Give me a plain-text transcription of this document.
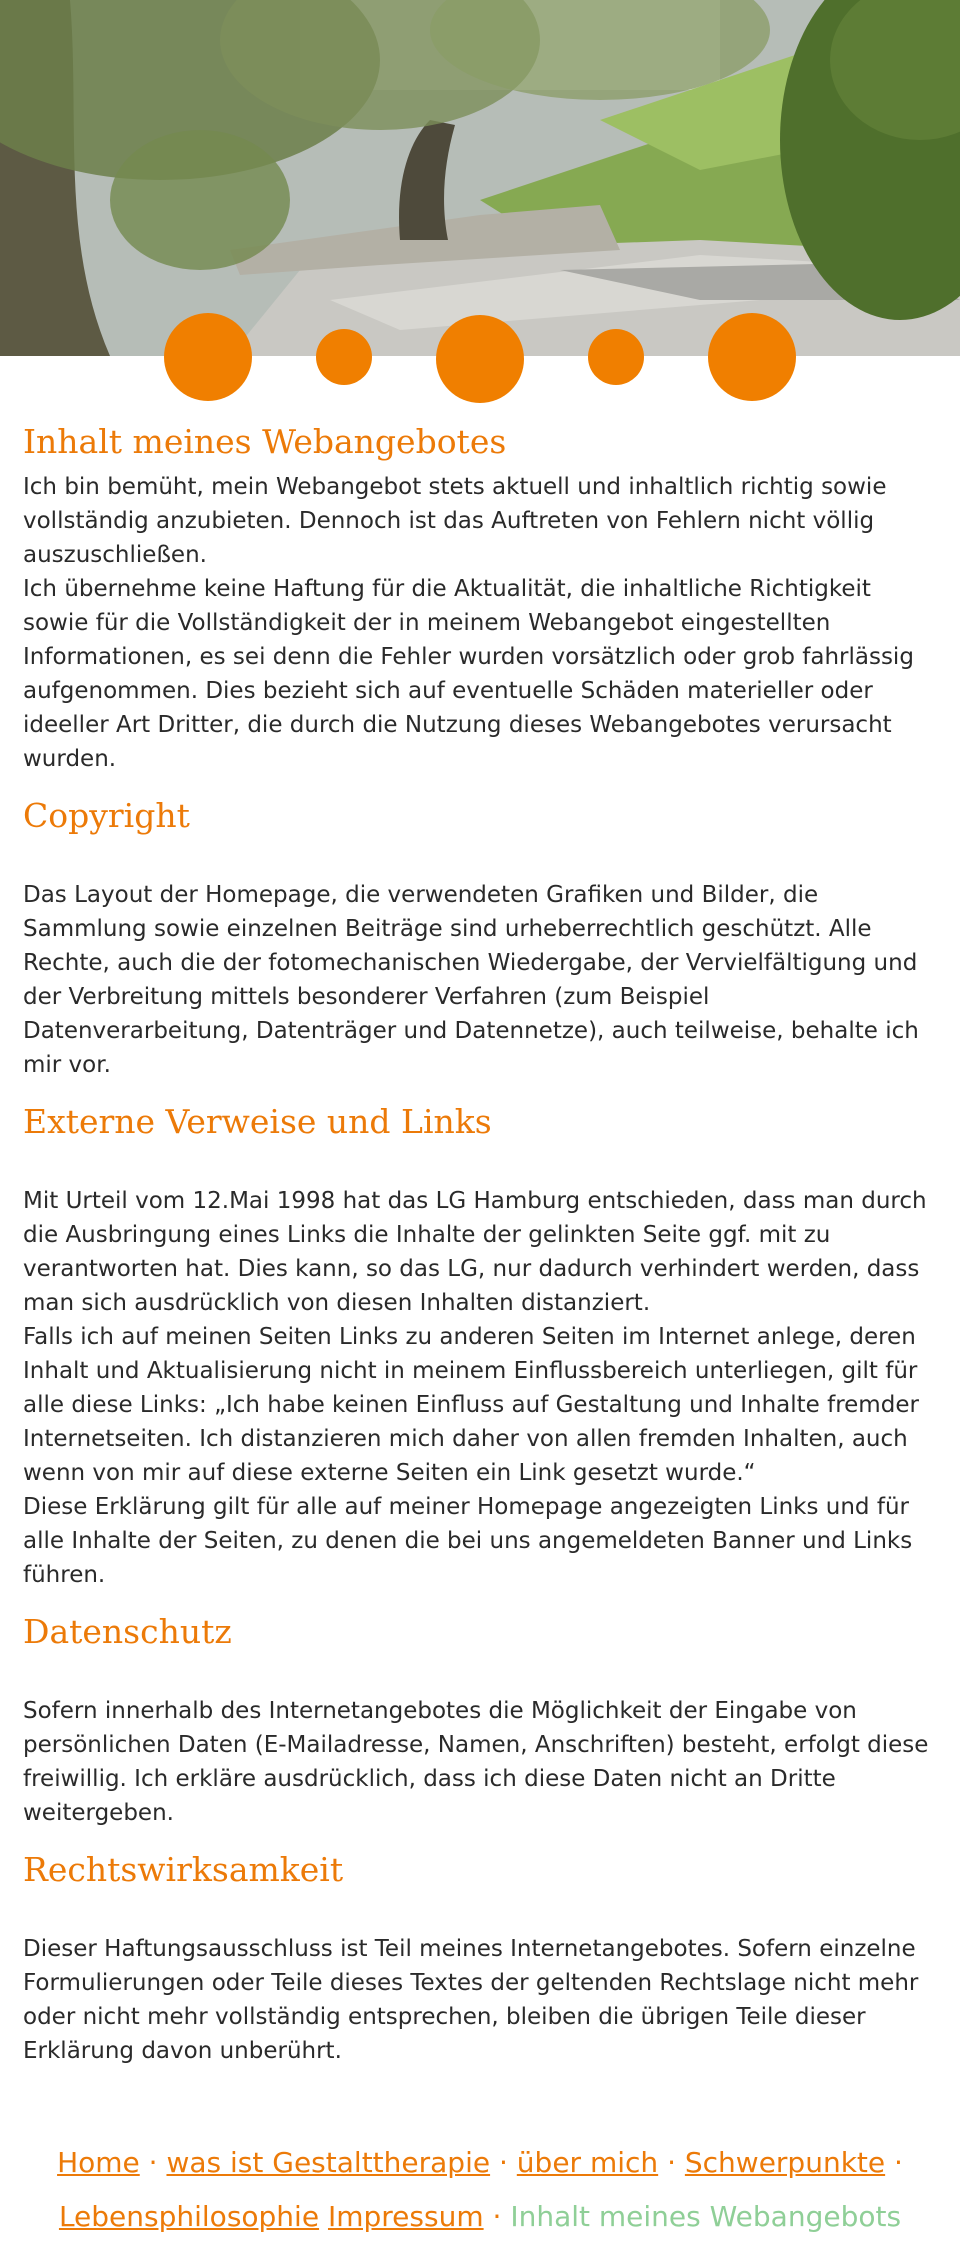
Inhalt meines Webangebotes

Ich bin bemüht, mein Webangebot stets aktuell und inhaltlich richtig sowie vollständig anzubieten. Dennoch ist das Auftreten von Fehlern nicht völlig auszuschließen.

Ich übernehme keine Haftung für die Aktualität, die inhaltliche Richtigkeit sowie für die Vollständigkeit der in meinem Webangebot eingestellten Informationen, es sei denn die Fehler wurden vorsätzlich oder grob fahrlässig aufgenommen. Dies bezieht sich auf eventuelle Schäden materieller oder ideeller Art Dritter, die durch die Nutzung dieses Webangebotes verursacht wurden.

Copyright

Das Layout der Homepage, die verwendeten Grafiken und Bilder, die Sammlung sowie einzelnen Beiträge sind urheberrechtlich geschützt. Alle Rechte, auch die der fotomechanischen Wiedergabe, der Vervielfältigung und der Verbreitung mittels besonderer Verfahren (zum Beispiel Datenverarbeitung, Datenträger und Datennetze), auch teilweise, behalte ich mir vor.

Externe Verweise und Links

Mit Urteil vom 12.Mai 1998 hat das LG Hamburg entschieden, dass man durch die Ausbringung eines Links die Inhalte der gelinkten Seite ggf. mit zu verantworten hat. Dies kann, so das LG, nur dadurch verhindert werden, dass man sich ausdrücklich von diesen Inhalten distanziert.

Falls ich auf meinen Seiten Links zu anderen Seiten im Internet anlege, deren Inhalt und Aktualisierung nicht in meinem Einflussbereich unterliegen, gilt für alle diese Links: „Ich habe keinen Einfluss auf Gestaltung und Inhalte fremder Internetseiten. Ich distanzieren mich daher von allen fremden Inhalten, auch wenn von mir auf diese externe Seiten ein Link gesetzt wurde.“

Diese Erklärung gilt für alle auf meiner Homepage angezeigten Links und für alle Inhalte der Seiten, zu denen die bei uns angemeldeten Banner und Links führen.

Datenschutz

Sofern innerhalb des Internetangebotes die Möglichkeit der Eingabe von persönlichen Daten (E-Mailadresse, Namen, Anschriften) besteht, erfolgt diese freiwillig. Ich erkläre ausdrücklich, dass ich diese Daten nicht an Dritte weitergeben.

Rechtswirksamkeit

Dieser Haftungsausschluss ist Teil meines Internetangebotes. Sofern einzelne Formulierungen oder Teile dieses Textes der geltenden Rechtslage nicht mehr oder nicht mehr vollständig entsprechen, bleiben die übrigen Teile dieser Erklärung davon unberührt.

Home · was ist Gestalttherapie · über mich · Schwerpunkte ·
Lebensphilosophie Impressum · Inhalt meines Webangebots
